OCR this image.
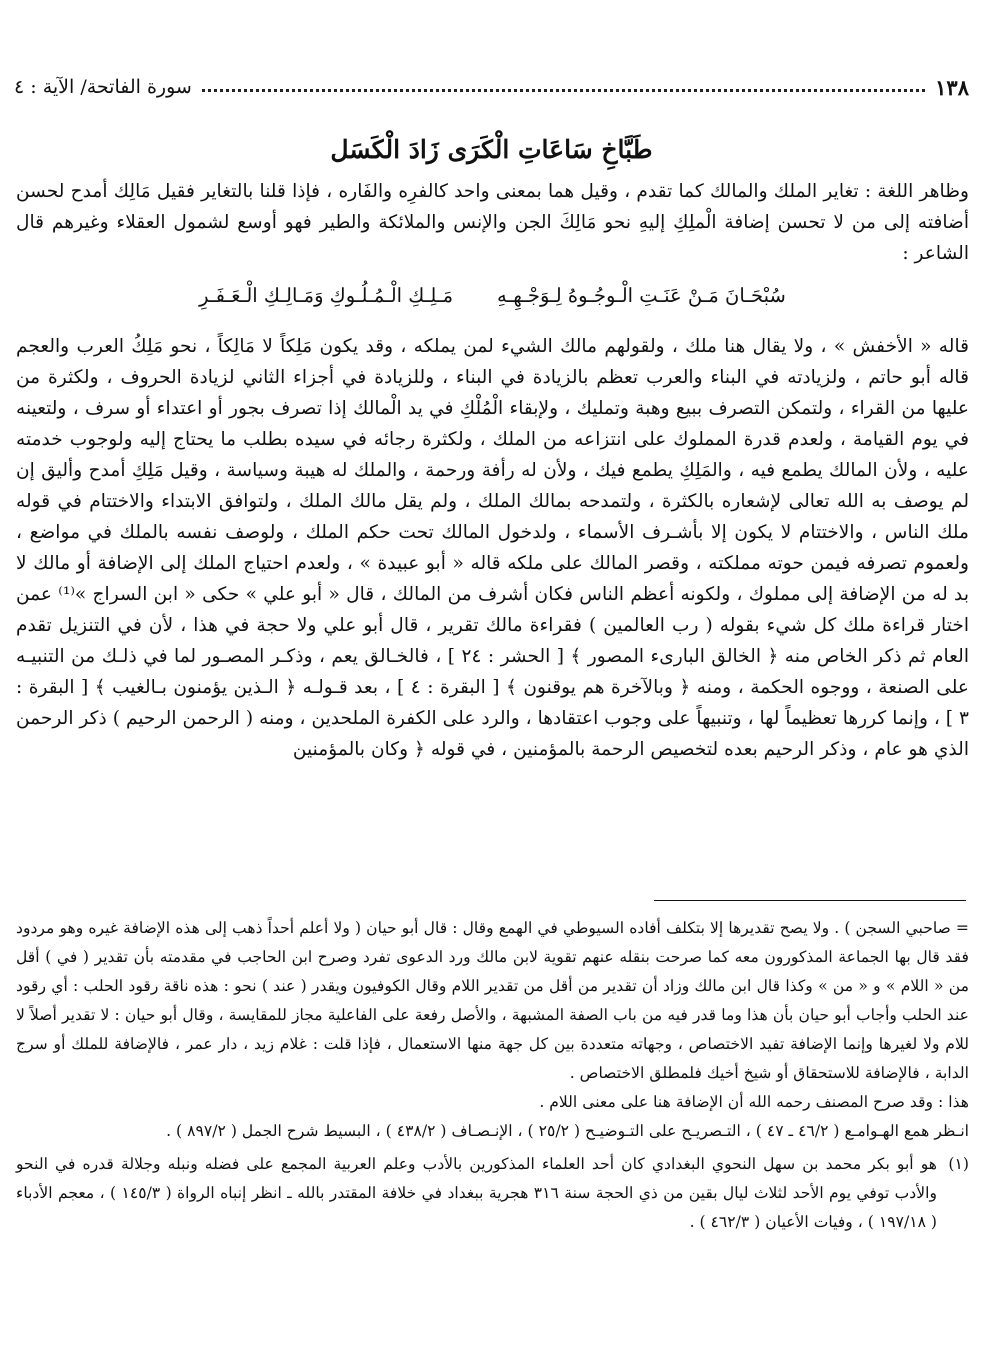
١٣٨
سورة الفاتحة/ الآية : ٤
طَبَّاخِ سَاعَاتِ الْكَرَى زَادَ الْكَسَل

وظاهر اللغة : تغاير الملك والمالك كما تقدم ، وقيل هما بمعنى واحد كالفرِه والفَاره ، فإذا قلنا بالتغاير فقيل مَالِك أمدح لحسن أضافته إلى من لا تحسن إضافة الْملِكِ إليهِ نحو مَالِكَ الجن والإنس والملائكة والطير فهو أوسع لشمول العقلاء وغيرهم قال الشاعر :

سُبْحَـانَ مَـنْ عَنَـتِ الْـوجُـوهُ لِـوَجْـهِـهِ
مَـلِـكِ الْـمُـلُـوكِ وَمَـالِـكِ الْـعَـفَـرِ

قاله « الأخفش » ، ولا يقال هنا ملك ، ولقولهم مالك الشيء لمن يملكه ، وقد يكون مَلِكاً لا مَالِكاً ، نحو مَلِكُ العرب والعجم قاله أبو حاتم ، ولزيادته في البناء والعرب تعظم بالزيادة في البناء ، وللزيادة في أجزاء الثاني لزيادة الحروف ، ولكثرة من عليها من القراء ، ولتمكن التصرف ببيع وهبة وتمليك ، ولإبقاء الْمُلْكِ في يد الْمالك إذا تصرف بجور أو اعتداء أو سرف ، ولتعينه في يوم القيامة ، ولعدم قدرة المملوك على انتزاعه من الملك ، ولكثرة رجائه في سيده بطلب ما يحتاج إليه ولوجوب خدمته عليه ، ولأن المالك يطمع فيه ، والمَلِكِ يطمع فيك ، ولأن له رأفة ورحمة ، والملك له هيبة وسياسة ، وقيل مَلِكِ أمدح وأليق إن لم يوصف به الله تعالى لإشعاره بالكثرة ، ولتمدحه بمالك الملك ، ولم يقل مالك الملك ، ولتوافق الابتداء والاختتام في قوله ملك الناس ، والاختتام لا يكون إلا بأشـرف الأسماء ، ولدخول المالك تحت حكم الملك ، ولوصف نفسه بالملك في مواضع ، ولعموم تصرفه فيمن حوته مملكته ، وقصر المالك على ملكه قاله « أبو عبيدة » ، ولعدم احتياج الملك إلى الإضافة أو مالك لا بد له من الإضافة إلى مملوك ، ولكونه أعظم الناس فكان أشرف من المالك ، قال « أبو علي » حكى « ابن السراج »⁽¹⁾ عمن اختار قراءة ملك كل شيء بقوله ( رب العالمين ) فقراءة مالك تقرير ، قال أبو علي ولا حجة في هذا ، لأن في التنزيل تقدم العام ثم ذكر الخاص منه ﴿ الخالق البارىء المصور ﴾ [ الحشر : ٢٤ ] ، فالخـالق يعم ، وذكـر المصـور لما في ذلـك من التنبيـه على الصنعة ، ووجوه الحكمة ، ومنه ﴿ وبالآخرة هم يوقنون ﴾ [ البقرة : ٤ ] ، بعد قـولـه ﴿ الـذين يؤمنون بـالغيب ﴾ [ البقرة : ٣ ] ، وإنما كررها تعظيماً لها ، وتنبيهاً على وجوب اعتقادها ، والرد على الكفرة الملحدين ، ومنه ( الرحمن الرحيم ) ذكر الرحمن الذي هو عام ، وذكر الرحيم بعده لتخصيص الرحمة بالمؤمنين ، في قوله ﴿ وكان بالمؤمنين

= صاحبي السجن ) . ولا يصح تقديرها إلا بتكلف أفاده السيوطي في الهمع وقال : قال أبو حيان ( ولا أعلم أحداً ذهب إلى هذه الإضافة غيره وهو مردود فقد قال بها الجماعة المذكورون معه كما صرحت بنقله عنهم تقوية لابن مالك ورد الدعوى تفرد وصرح ابن الحاجب في مقدمته بأن تقدير ( في ) أقل من « اللام » و « من » وكذا قال ابن مالك وزاد أن تقدير من أقل من تقدير اللام وقال الكوفيون ويقدر ( عند ) نحو : هذه ناقة رقود الحلب : أي رقود عند الحلب وأجاب أبو حيان بأن هذا وما قدر فيه من باب الصفة المشبهة ، والأصل رفعة على الفاعلية مجاز للمقايسة ، وقال أبو حيان : لا تقدير أصلاً لا للام ولا لغيرها وإنما الإضافة تفيد الاختصاص ، وجهاته متعددة بين كل جهة منها الاستعمال ، فإذا قلت : غلام زيد ، دار عمر ، فالإضافة للملك أو سرج الدابة ، فالإضافة للاستحقاق أو شيخ أخيك فلمطلق الاختصاص .

هذا : وقد صرح المصنف رحمه الله أن الإضافة هنا على معنى اللام .

انـظر همع الهـوامـع ( ٤٦/٢ ـ ٤٧ ) ، التـصريـح على التـوضيـح ( ٢٥/٢ ) ، الإنـصـاف ( ٤٣٨/٢ ) ، البسيط شرح الجمل ( ٨٩٧/٢ ) .

(١)
هو أبو بكر محمد بن سهل النحوي البغدادي كان أحد العلماء المذكورين بالأدب وعلم العربية المجمع على فضله ونبله وجلالة قدره في النحو والأدب توفي يوم الأحد لثلاث ليال بقين من ذي الحجة سنة ٣١٦ هجرية ببغداد في خلافة المقتدر بالله ـ انظر إنباه الرواة ( ١٤٥/٣ ) ، معجم الأدباء ( ١٩٧/١٨ ) ، وفيات الأعيان ( ٤٦٢/٣ ) .
